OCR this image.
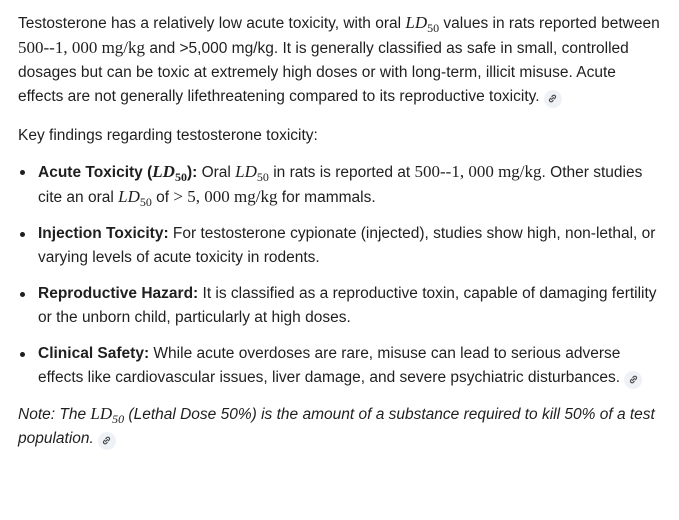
Testosterone has a relatively low acute toxicity, with oral $LD_{50}$ values in rats reported between 500--1, 000 mg/kg and >5,000 mg/kg. It is generally classified as safe in small, controlled dosages but can be toxic at extremely high doses or with long-term, illicit misuse. Acute effects are not generally lifethreatening compared to its reproductive toxicity.

Key findings regarding testosterone toxicity:

Acute Toxicity $(LD_{50})$: Oral $LD_{50}$ in rats is reported at 500--1, 000 mg/kg. Other studies cite an oral $LD_{50}$ of > 5, 000 mg/kg for mammals.
Injection Toxicity: For testosterone cypionate (injected), studies show high, non-lethal, or varying levels of acute toxicity in rodents.
Reproductive Hazard: It is classified as a reproductive toxin, capable of damaging fertility or the unborn child, particularly at high doses.
Clinical Safety: While acute overdoses are rare, misuse can lead to serious adverse effects like cardiovascular issues, liver damage, and severe psychiatric disturbances.

Note: The $LD_{50}$ (Lethal Dose 50%) is the amount of a substance required to kill 50% of a test population.
